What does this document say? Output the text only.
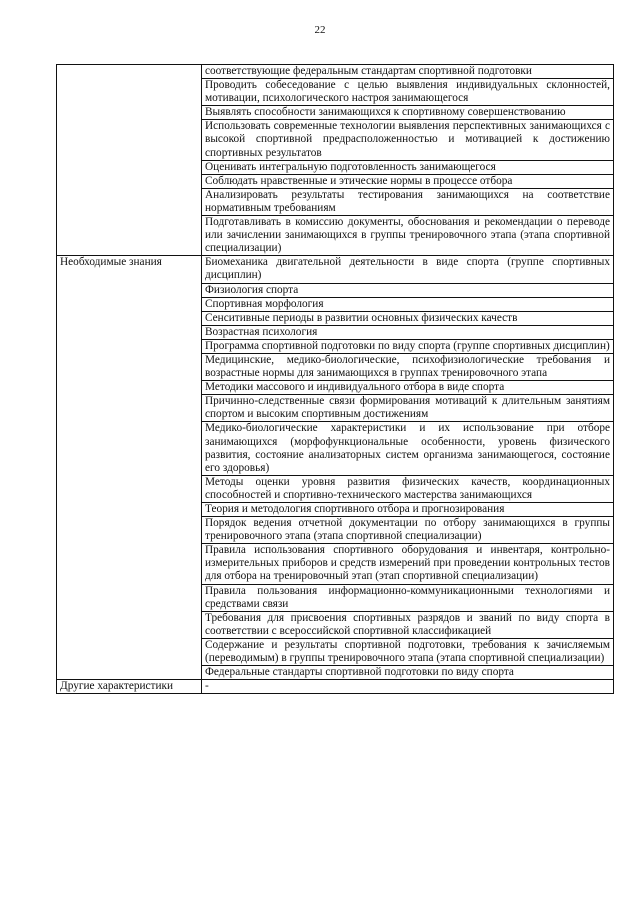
22
	соответствующие федеральным стандартам спортивной подготовки
	Проводить собеседование с целью выявления индивидуальных склонностей, мотивации, психологического настроя занимающегося
	Выявлять способности занимающихся к спортивному совершенствованию
	Использовать современные технологии выявления перспективных занимающихся с высокой спортивной предрасположенностью и мотивацией к достижению спортивных результатов
	Оценивать интегральную подготовленность занимающегося
	Соблюдать нравственные и этические нормы в процессе отбора
	Анализировать результаты тестирования занимающихся на соответствие нормативным требованиям
	Подготавливать в комиссию документы, обоснования и рекомендации о переводе или зачислении занимающихся в группы тренировочного этапа (этапа спортивной специализации)
Необходимые знания	Биомеханика двигательной деятельности в виде спорта (группе спортивных дисциплин)
	Физиология спорта
	Спортивная морфология
	Сенситивные периоды в развитии основных физических качеств
	Возрастная психология
	Программа спортивной подготовки по виду спорта (группе спортивных дисциплин)
	Медицинские, медико-биологические, психофизиологические требования и возрастные нормы для занимающихся в группах тренировочного этапа
	Методики массового и индивидуального отбора в виде спорта
	Причинно-следственные связи формирования мотиваций к длительным занятиям спортом и высоким спортивным достижениям
	Медико-биологические характеристики и их использование при отборе занимающихся (морфофункциональные особенности, уровень физического развития, состояние анализаторных систем организма занимающегося, состояние его здоровья)
	Методы оценки уровня развития физических качеств, координационных способностей и спортивно-технического мастерства занимающихся
	Теория и методология спортивного отбора и прогнозирования
	Порядок ведения отчетной документации по отбору занимающихся в группы тренировочного этапа (этапа спортивной специализации)
	Правила использования спортивного оборудования и инвентаря, контрольно-измерительных приборов и средств измерений при проведении контрольных тестов для отбора на тренировочный этап (этап спортивной специализации)
	Правила пользования информационно-коммуникационными технологиями и средствами связи
	Требования для присвоения спортивных разрядов и званий по виду спорта в соответствии с всероссийской спортивной классификацией
	Содержание и результаты спортивной подготовки, требования к зачисляемым (переводимым) в группы тренировочного этапа (этапа спортивной специализации)
	Федеральные стандарты спортивной подготовки по виду спорта
Другие характеристики	-
